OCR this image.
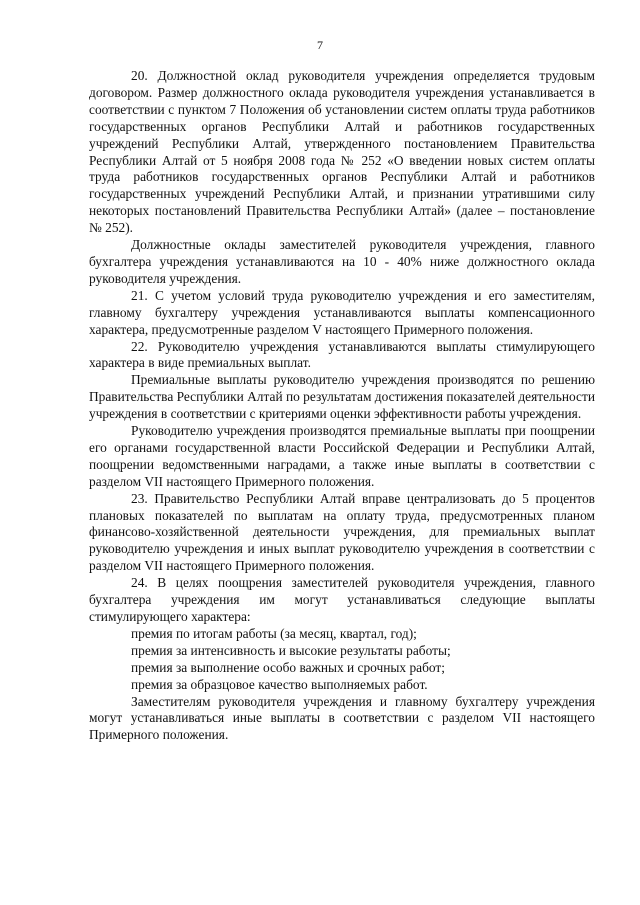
7

20. Должностной оклад руководителя учреждения определяется трудовым договором. Размер должностного оклада руководителя учреждения устанавливается в соответствии с пунктом 7 Положения об установлении систем оплаты труда работников государственных органов Республики Алтай и работников государственных учреждений Республики Алтай, утвержденного постановлением Правительства Республики Алтай от 5 ноября 2008 года № 252 «О введении новых систем оплаты труда работников государственных органов Республики Алтай и работников государственных учреждений Республики Алтай, и признании утратившими силу некоторых постановлений Правительства Республики Алтай» (далее – постановление № 252).

Должностные оклады заместителей руководителя учреждения, главного бухгалтера учреждения устанавливаются на 10 - 40% ниже должностного оклада руководителя учреждения.

21. С учетом условий труда руководителю учреждения и его заместителям, главному бухгалтеру учреждения устанавливаются выплаты компенсационного характера, предусмотренные разделом V настоящего Примерного положения.

22. Руководителю учреждения устанавливаются выплаты стимулирующего характера в виде премиальных выплат.

Премиальные выплаты руководителю учреждения производятся по решению Правительства Республики Алтай по результатам достижения показателей деятельности учреждения в соответствии с критериями оценки эффективности работы учреждения.

Руководителю учреждения производятся премиальные выплаты при поощрении его органами государственной власти Российской Федерации и Республики Алтай, поощрении ведомственными наградами, а также иные выплаты в соответствии с разделом VII настоящего Примерного положения.

23. Правительство Республики Алтай вправе централизовать до 5 процентов плановых показателей по выплатам на оплату труда, предусмотренных планом финансово-хозяйственной деятельности учреждения, для премиальных выплат руководителю учреждения и иных выплат руководителю учреждения в соответствии с разделом VII настоящего Примерного положения.

24. В целях поощрения заместителей руководителя учреждения, главного бухгалтера учреждения им могут устанавливаться следующие выплаты стимулирующего характера:

премия по итогам работы (за месяц, квартал, год);

премия за интенсивность и высокие результаты работы;

премия за выполнение особо важных и срочных работ;

премия за образцовое качество выполняемых работ.

Заместителям руководителя учреждения и главному бухгалтеру учреждения могут устанавливаться иные выплаты в соответствии с разделом VII настоящего Примерного положения.
